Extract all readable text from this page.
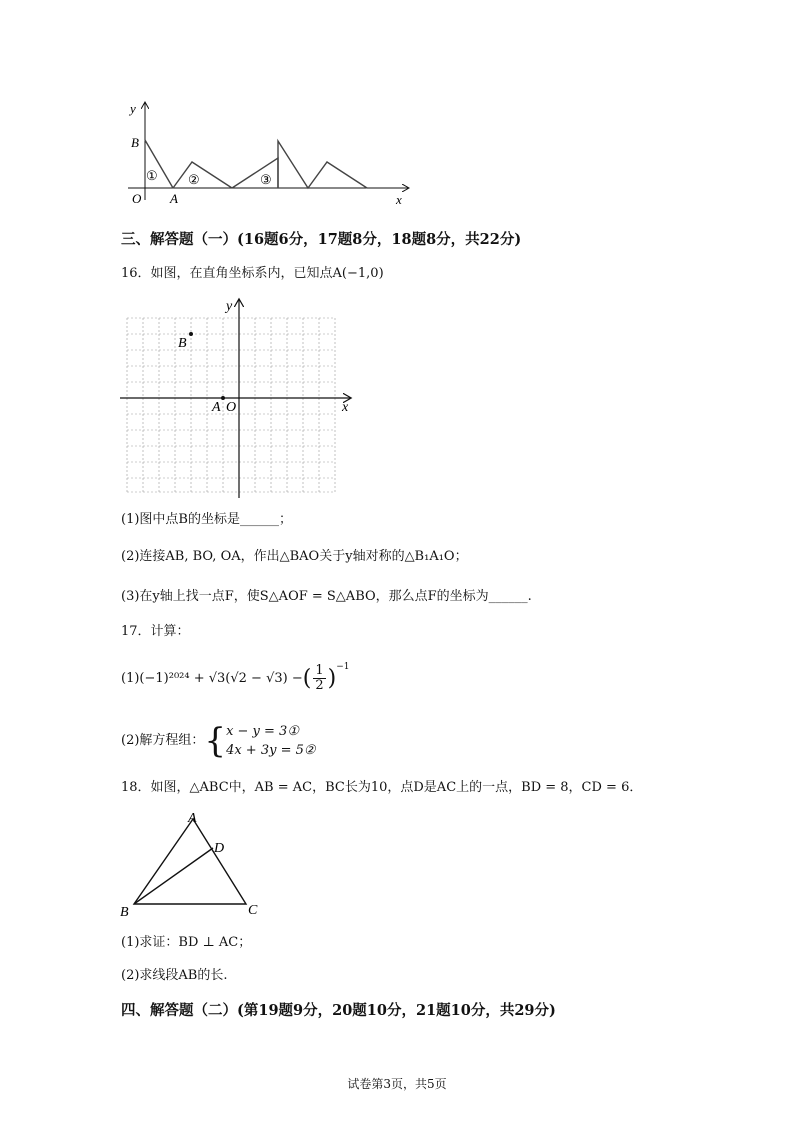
y
x
B
O A
① ②	③
三、解答题（一）(16题6分，17题8分，18题8分，共22分)
16．如图，在直角坐标系内，已知点A(−1,0)
y
x
A O
B
(1)图中点B的坐标是______；
(2)连接AB, BO, OA，作出△BAO关于y轴对称的△B₁A₁O；
(3)在y轴上找一点F，使S△AOF = S△ABO，那么点F的坐标为______.
17．计算：
(1) (−1)²⁰²⁴ + √3(√2 − √3) − ( $\frac{1}{2}$ ) −1
(2)解方程组： { x − y = 3①
4x + 3y = 5②
18．如图，△ABC中，AB = AC，BC长为10，点D是AC上的一点，BD = 8，CD = 6．
A
D
B	C
(1)求证：BD ⊥ AC；
(2)求线段AB的长.
四、解答题（二）(第19题9分，20题10分，21题10分，共29分)
试卷第3页，共5页
